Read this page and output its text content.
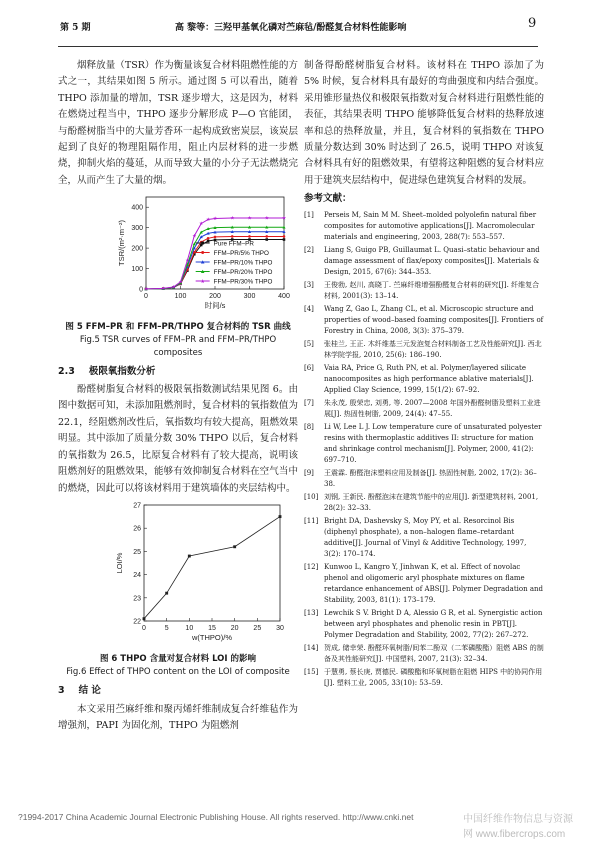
第 5 期	高 黎等：三羟甲基氧化磷对苎麻毡/酚醛复合材料性能影响	9

烟释放量（TSR）作为衡量该复合材料阻燃性能的方式之一，其结果如图 5 所示。通过图 5 可以看出，随着 THPO 添加量的增加，TSR 逐步增大，这是因为，材料在燃烧过程当中，THPO 逐步分解形成 P—O 官能团，与酚醛树脂当中的大量芳香环一起构成致密炭层，该炭层起到了良好的物理阻隔作用，阻止内层材料的进一步燃烧，抑制火焰的蔓延，从而导致大量的小分子无法燃烧完全，从而产生了大量的烟。

0	100	200	300	400
0
100
200
300
400
时间/s
TSR/(m²·m⁻²)
★	★ ★
★
★
★
★
★ ★	★	★	★	★
Pure FFM–PR
FFM–PR/5% THPO
FFM–PR/10% THPO
FFM–PR/20% THPO
★ FFM–PR/30% THPO
图 5 FFM–PR 和 FFM–PR/THPO 复合材料的 TSR 曲线
Fig.5 TSR curves of FFM–PR and FFM–PR/THPO composites
2.3 极限氧指数分析

酚醛树脂复合材料的极限氧指数测试结果见图 6。由图中数据可知，未添加阻燃剂时，复合材料的氧指数值为 22.1，经阻燃剂改性后，氧指数均有较大提高，阻燃效果明显。其中添加了质量分数 30% THPO 以后，复合材料的氧指数为 26.5，比原复合材料有了较大提高，说明该阻燃剂好的阻燃效果，能够有效抑制复合材料在空气当中的燃烧，因此可以将该材料用于建筑墙体的夹层结构中。

0	5 10 15 20 25 30
22
23
24
25
26
27
w(THPO)/%
LOI/%
图 6 THPO 含量对复合材料 LOI 的影响
Fig.6 Effect of THPO content on the LOI of composite
3 结 论

本文采用苎麻纤维和聚丙烯纤维制成复合纤维毡作为增强剂，PAPI 为固化剂，THPO 为阻燃剂

制备得酚醛树脂复合材料。该材料在 THPO 添加了为 5% 时候，复合材料具有最好的弯曲强度和内结合强度。采用锥形量热仪和极限氧指数对复合材料进行阻燃性能的表征，其结果表明 THPO 能够降低复合材料的热释放速率和总的热释放量，并且，复合材料的氧指数在 THPO 质量分数达到 30% 时达到了 26.5，说明 THPO 对该复合材料具有好的阻燃效果，有望将这种阻燃的复合材料应用于建筑夹层结构中，促进绿色建筑复合材料的发展。

参考文献：
[1]	Perseis M, Sain M M. Sheet–molded polyolefin natural fiber composites for automotive applications[J]. Macromolecular materials and engineering, 2003, 288(7): 553–557.
[2]	Liang S, Guigo PB, Guillaumat L. Quasi–static behaviour and damage assessment of flax/epoxy composites[J]. Materials & Design, 2015, 67(6): 344–353.
[3]	王俊勃, 赵川, 高晓丁. 苎麻纤维增强酚醛复合材料的研究[J]. 纤维复合材料, 2001(3): 13–14.
[4]	Wang Z, Gao L, Zhang CL, et al. Microscopic structure and properties of wood–based foaming composites[J]. Frontiers of Forestry in China, 2008, 3(3): 375–379.
[5]	张桂兰, 王正. 木纤维基三元发泡复合材料制备工艺及性能研究[J]. 西北林学院学报, 2010, 25(6): 186–190.
[6]	Vaia RA, Price G, Ruth PN, et al. Polymer/layered silicate nanocomposites as high performance ablative materials[J]. Applied Clay Science, 1999, 15(1/2): 67–92.
[7]	朱永茂, 殷荣忠, 刘勇, 等. 2007—2008 年国外酚醛树脂及塑料工业进展[J]. 热固性树脂, 2009, 24(4): 47–55.
[8]	Li W, Lee L J. Low temperature cure of unsaturated polyester resins with thermoplastic additives II: structure for mation and shrinkage control mechanism[J]. Polymer, 2000, 41(2): 697–710.
[9]	王震霖. 酚醛泡沫塑料应用及制备[J]. 热固性树脂, 2002, 17(2): 36–38.
[10] 刘钢, 王新民. 酚醛泡沫在建筑节能中的应用[J]. 新型建筑材料, 2001, 28(2): 32–33.
[11] Bright DA, Dashevsky S, Moy PY, et al. Resorcinol Bis (diphenyl phosphate), a non–halogen flame–retardant additive[J]. Journal of Vinyl & Additive Technology, 1997, 3(2): 170–174.
[12] Kunwoo L, Kangro Y, Jinhwan K, et al. Effect of novolac phenol and oligomeric aryl phosphate mixtures on flame retardance enhancement of ABS[J]. Polymer Degradation and Stability, 2003, 81(1): 173–179.
[13] Lewchik S V. Bright D A, Alessio G R, et al. Synergistic action between aryl phosphates and phenolic resin in PBT[J]. Polymer Degradation and Stability, 2002, 77(2): 267–272.
[14] 贺成, 储幸荣. 酚醛环氧树脂/间苯二酚双（二苯磷酸酯）阻燃 ABS 的制备及其性能研究[J]. 中国塑料, 2007, 21(3): 32–34.
[15] 于慧勇, 蔡长庚, 贾德民. 磷酸酯和环氧树脂在阻燃 HIPS 中的协同作用[J]. 塑料工业, 2005, 33(10): 53–59.
?1994-2017 China Academic Journal Electronic Publishing House. All rights reserved. http://www.cnki.net	中国纤维作物信息与资源网 www.fibercrops.com
